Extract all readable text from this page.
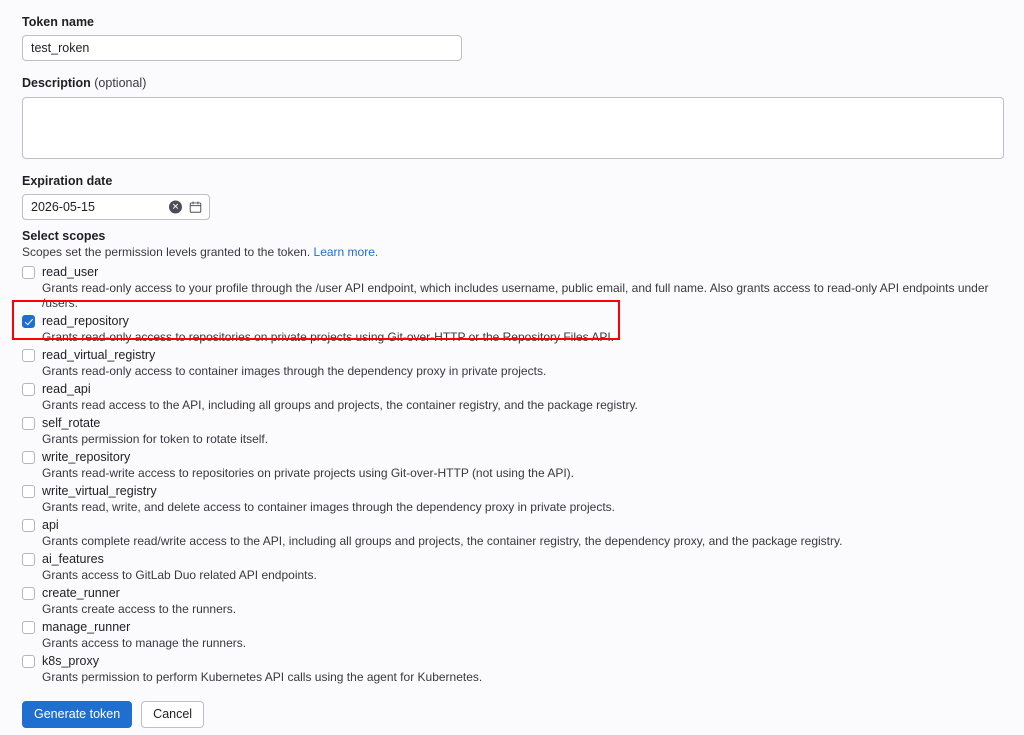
Token name
test_roken
Description (optional)
Expiration date
2026-05-15
✕
Select scopes
Scopes set the permission levels granted to the token. Learn more.
read_user
Grants read-only access to your profile through the /user API endpoint, which includes username, public email, and full name. Also grants access to read-only API endpoints under /users.
read_repository
Grants read-only access to repositories on private projects using Git-over-HTTP or the Repository Files API.
read_virtual_registry
Grants read-only access to container images through the dependency proxy in private projects.
read_api
Grants read access to the API, including all groups and projects, the container registry, and the package registry.
self_rotate
Grants permission for token to rotate itself.
write_repository
Grants read-write access to repositories on private projects using Git-over-HTTP (not using the API).
write_virtual_registry
Grants read, write, and delete access to container images through the dependency proxy in private projects.
api
Grants complete read/write access to the API, including all groups and projects, the container registry, the dependency proxy, and the package registry.
ai_features
Grants access to GitLab Duo related API endpoints.
create_runner
Grants create access to the runners.
manage_runner
Grants access to manage the runners.
k8s_proxy
Grants permission to perform Kubernetes API calls using the agent for Kubernetes.
Generate token	Cancel
